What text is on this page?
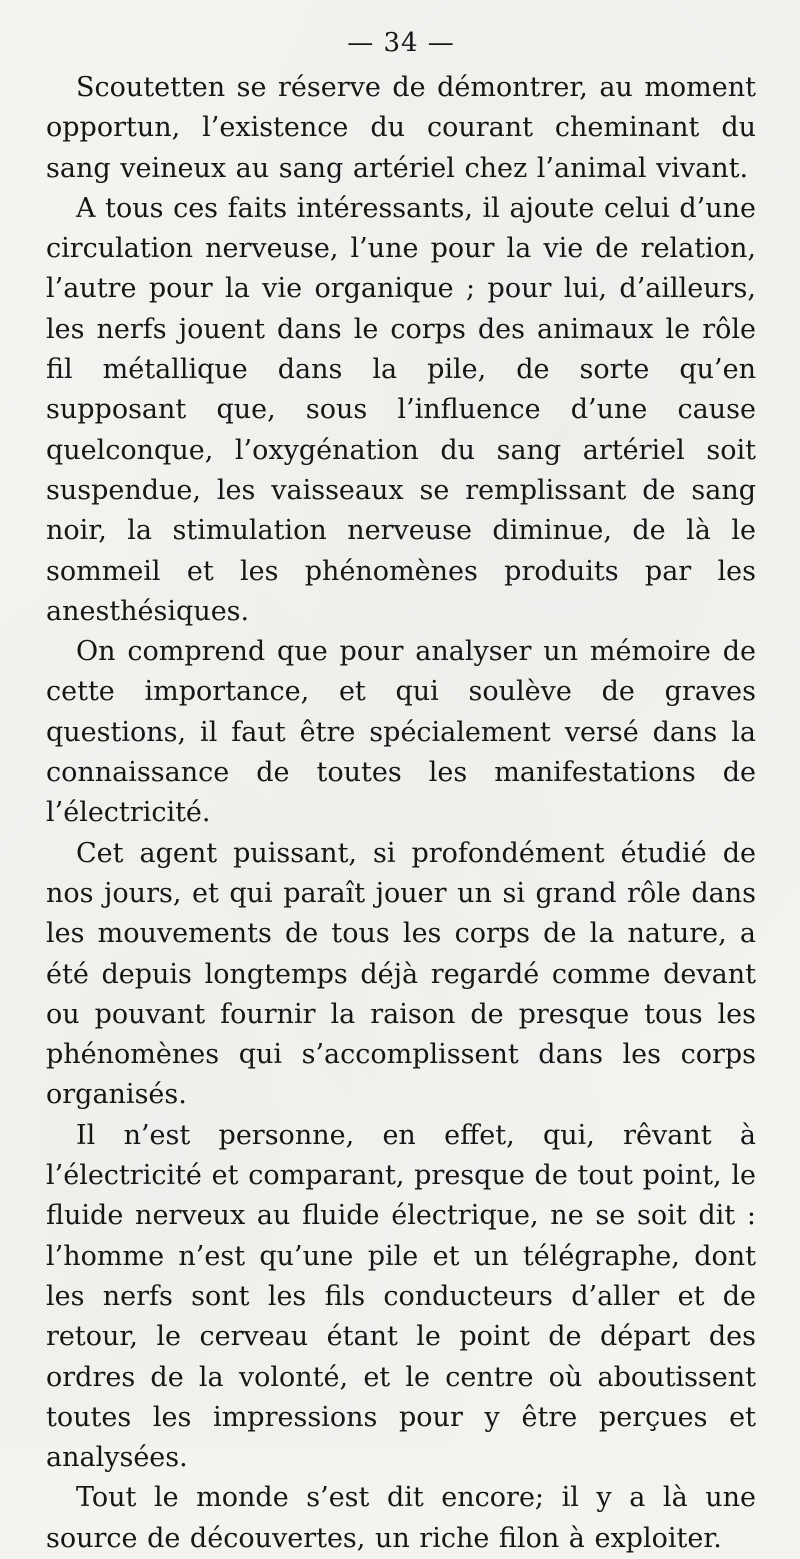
— 34 —

Scoutetten se réserve de démontrer, au moment opportun, l’existence du courant cheminant du sang veineux au sang artériel chez l’animal vivant.

A tous ces faits intéressants, il ajoute celui d’une circulation nerveuse, l’une pour la vie de relation, l’autre pour la vie organique ; pour lui, d’ailleurs, les nerfs jouent dans le corps des animaux le rôle fil métallique dans la pile, de sorte qu’en supposant que, sous l’influence d’une cause quelconque, l’oxygénation du sang artériel soit suspendue, les vaisseaux se remplissant de sang noir, la stimulation nerveuse diminue, de là le sommeil et les phénomènes produits par les anesthésiques.

On comprend que pour analyser un mémoire de cette importance, et qui soulève de graves questions, il faut être spécialement versé dans la connaissance de toutes les manifestations de l’électricité.

Cet agent puissant, si profondément étudié de nos jours, et qui paraît jouer un si grand rôle dans les mouvements de tous les corps de la nature, a été depuis longtemps déjà regardé comme devant ou pouvant fournir la raison de presque tous les phénomènes qui s’accomplissent dans les corps organisés.

Il n’est personne, en effet, qui, rêvant à l’électricité et comparant, presque de tout point, le fluide nerveux au fluide électrique, ne se soit dit : l’homme n’est qu’une pile et un télégraphe, dont les nerfs sont les fils conducteurs d’aller et de retour, le cerveau étant le point de départ des ordres de la volonté, et le centre où aboutissent toutes les impressions pour y être perçues et analysées.

Tout le monde s’est dit encore; il y a là une source de découvertes, un riche filon à exploiter.
